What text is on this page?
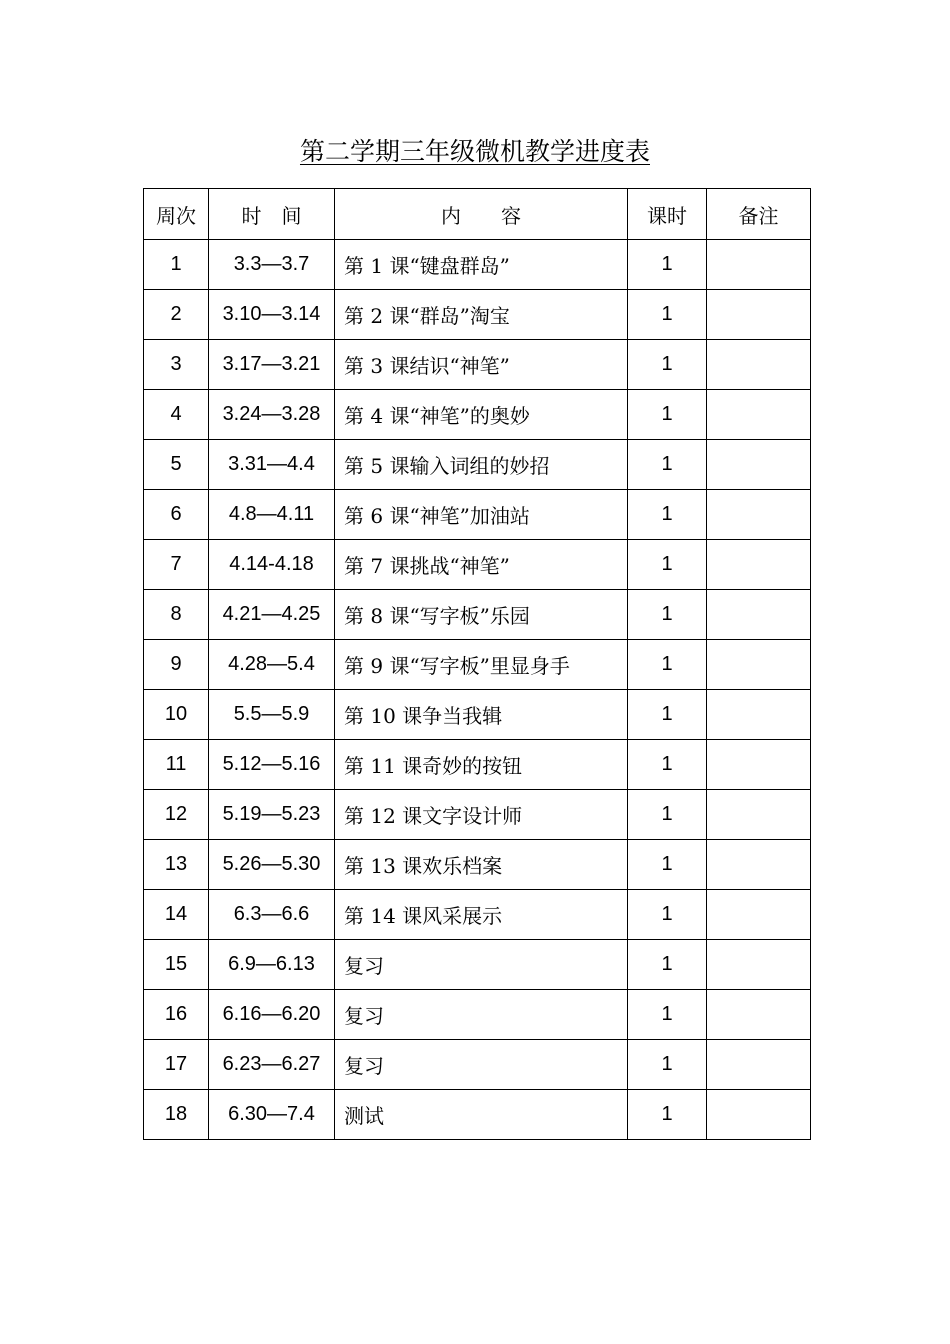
第二学期三年级微机教学进度表
周次	时　间	内　　容	课时	备注
1	3.3—3.7	第 1 课“键盘群岛”	1	
2	3.10—3.14	第 2 课“群岛”淘宝	1	
3	3.17—3.21	第 3 课结识“神笔”	1	
4	3.24—3.28	第 4 课“神笔”的奥妙	1	
5	3.31—4.4	第 5 课输入词组的妙招	1	
6	4.8—4.11	第 6 课“神笔”加油站	1	
7	4.14-4.18	第 7 课挑战“神笔”	1	
8	4.21—4.25	第 8 课“写字板”乐园	1	
9	4.28—5.4	第 9 课“写字板”里显身手	1	
10	5.5—5.9	第 10 课争当我辑	1	
11	5.12—5.16	第 11 课奇妙的按钮	1	
12	5.19—5.23	第 12 课文字设计师	1	
13	5.26—5.30	第 13 课欢乐档案	1	
14	6.3—6.6	第 14 课风采展示	1	
15	6.9—6.13	复习	1	
16	6.16—6.20	复习	1	
17	6.23—6.27	复习	1	
18	6.30—7.4	测试	1	
